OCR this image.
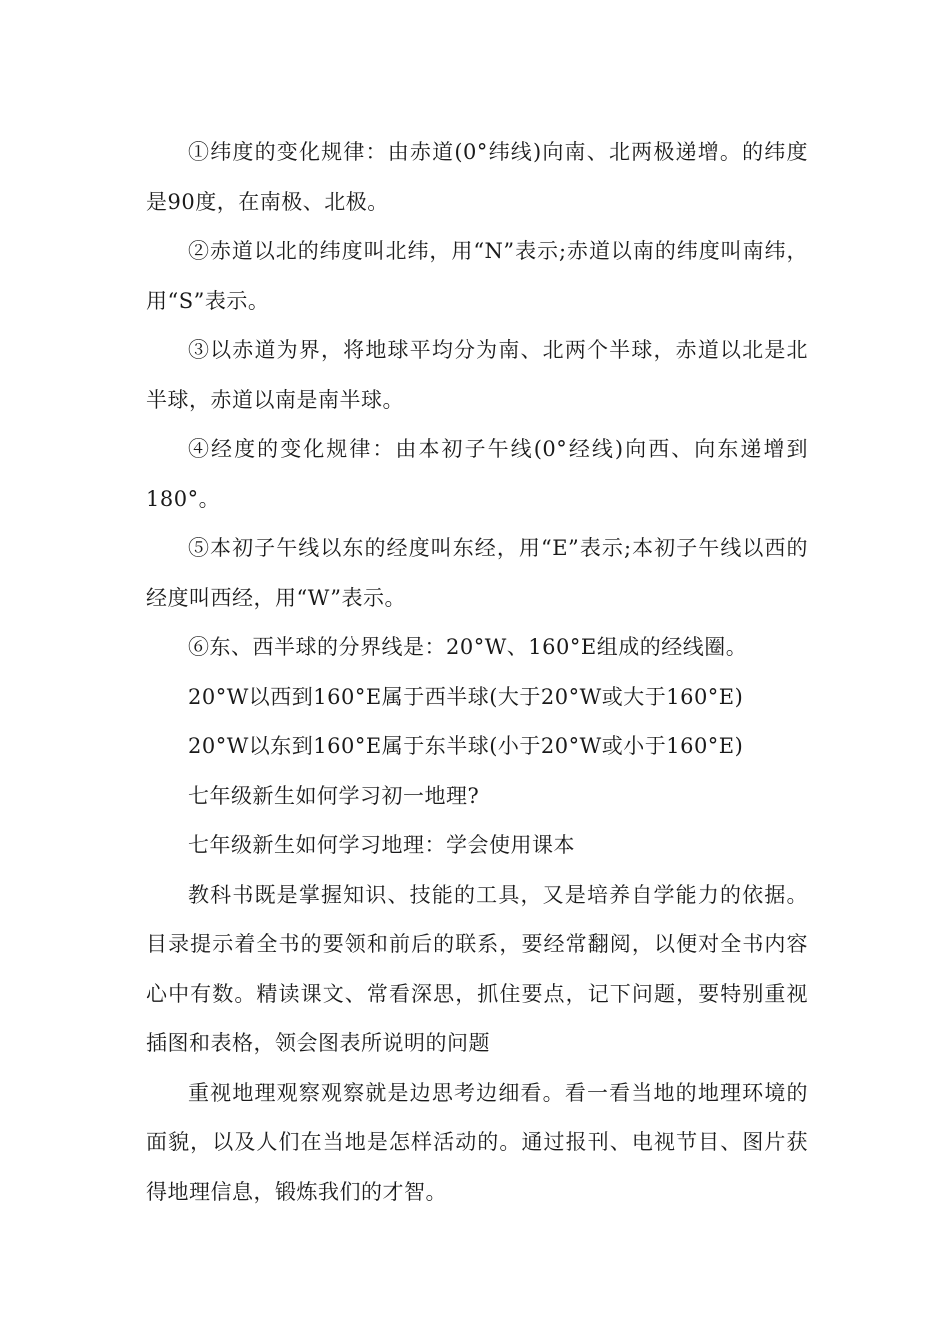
①纬度的变化规律：由赤道(0°纬线)向南、北两极递增。的纬度是90度，在南极、北极。

②赤道以北的纬度叫北纬，用“N”表示;赤道以南的纬度叫南纬，用“S”表示。

③以赤道为界，将地球平均分为南、北两个半球，赤道以北是北半球，赤道以南是南半球。

④经度的变化规律：由本初子午线(0°经线)向西、向东递增到180°。

⑤本初子午线以东的经度叫东经，用“E”表示;本初子午线以西的经度叫西经，用“W”表示。

⑥东、西半球的分界线是：20°W、160°E组成的经线圈。

20°W以西到160°E属于西半球(大于20°W或大于160°E)

20°W以东到160°E属于东半球(小于20°W或小于160°E)

七年级新生如何学习初一地理?

七年级新生如何学习地理：学会使用课本

教科书既是掌握知识、技能的工具，又是培养自学能力的依据。目录提示着全书的要领和前后的联系，要经常翻阅，以便对全书内容心中有数。精读课文、常看深思，抓住要点，记下问题，要特别重视插图和表格，领会图表所说明的问题

重视地理观察观察就是边思考边细看。看一看当地的地理环境的面貌，以及人们在当地是怎样活动的。通过报刊、电视节目、图片获得地理信息，锻炼我们的才智。
